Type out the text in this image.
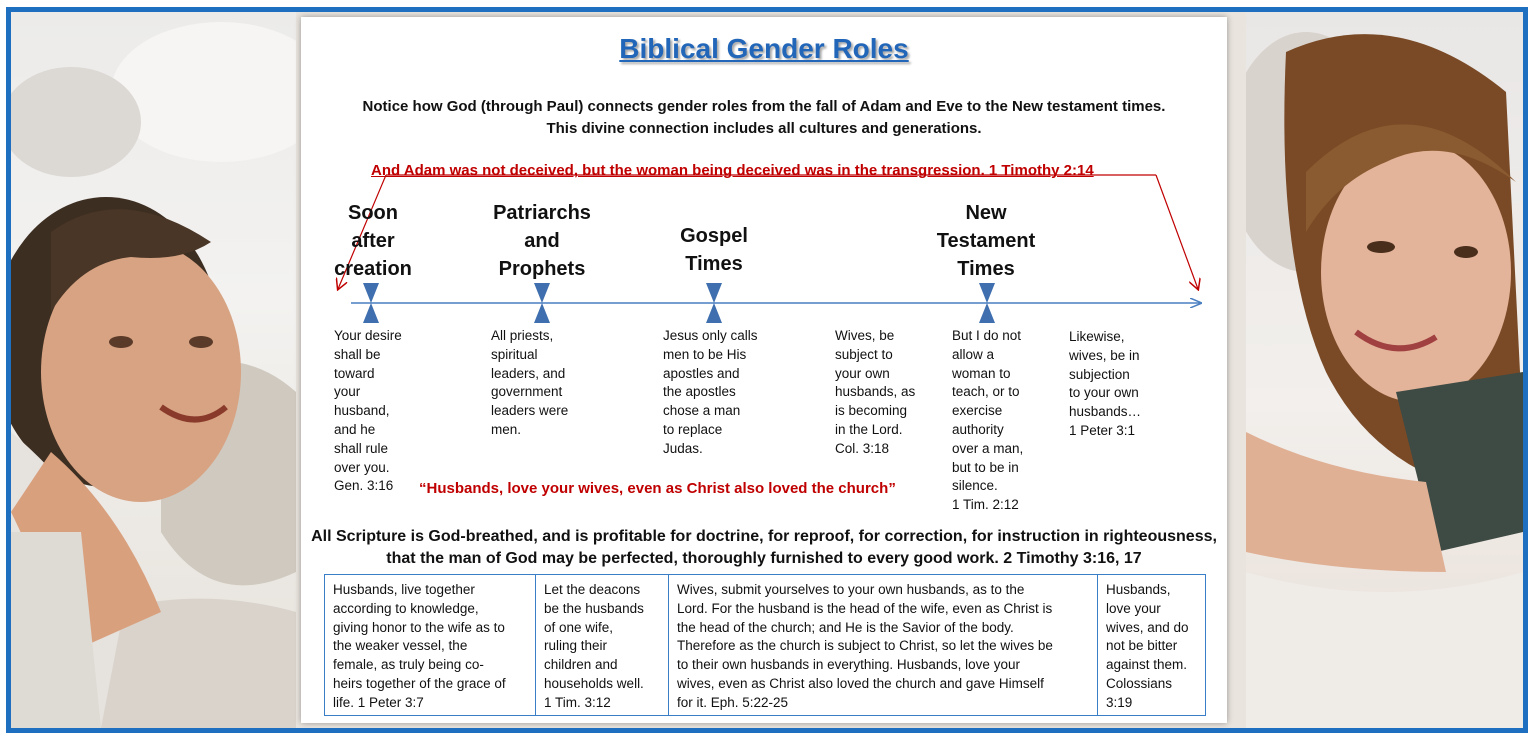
Biblical Gender Roles
Notice how God (through Paul) connects gender roles from the fall of Adam and Eve to the New testament times.
This divine connection includes all cultures and generations.
And Adam was not deceived, but the woman being deceived was in the transgression. 1 Timothy 2:14
Soon
after
creation
Patriarchs
and
Prophets
Gospel
Times
New
Testament
Times
Your desire
shall be
toward
your
husband,
and he
shall rule
over you.
Gen. 3:16
All priests,
spiritual
leaders, and
government
leaders were
men.
Jesus only calls
men to be His
apostles and
the apostles
chose a man
to replace
Judas.
Wives, be
subject to
your own
husbands, as
is becoming
in the Lord.
Col. 3:18
But I do not
allow a
woman to
teach, or to
exercise
authority
over a man,
but to be in
silence.
1 Tim. 2:12
Likewise,
wives, be in
subjection
to your own
husbands…
1 Peter 3:1
“Husbands, love your wives, even as Christ also loved the church”
All Scripture is God-breathed, and is profitable for doctrine, for reproof, for correction, for instruction in righteousness,
that the man of God may be perfected, thoroughly furnished to every good work. 2 Timothy 3:16, 17
Husbands, live together
according to knowledge,
giving honor to the wife as to
the weaker vessel, the
female, as truly being co-
heirs together of the grace of
life. 1 Peter 3:7
Let the deacons
be the husbands
of one wife,
ruling their
children and
households well.
1 Tim. 3:12
Wives, submit yourselves to your own husbands, as to the
Lord. For the husband is the head of the wife, even as Christ is
the head of the church; and He is the Savior of the body.
Therefore as the church is subject to Christ, so let the wives be
to their own husbands in everything. Husbands, love your
wives, even as Christ also loved the church and gave Himself
for it. Eph. 5:22-25
Husbands,
love your
wives, and do
not be bitter
against them.
Colossians
3:19
